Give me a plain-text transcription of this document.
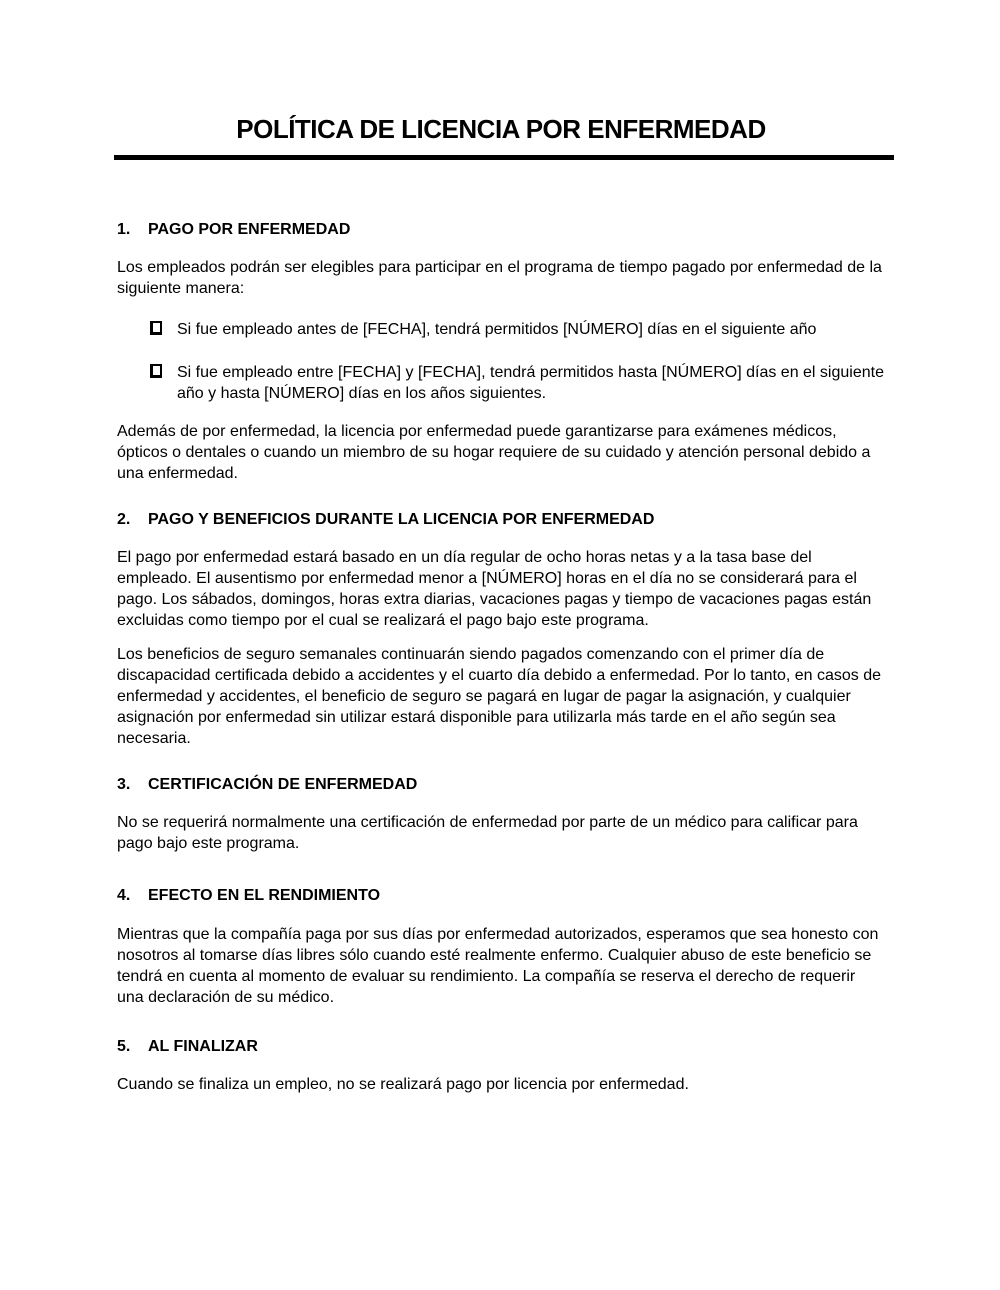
POLÍTICA DE LICENCIA POR ENFERMEDAD
1. PAGO POR ENFERMEDAD

Los empleados podrán ser elegibles para participar en el programa de tiempo pagado por enfermedad de la siguiente manera:

Si fue empleado antes de [FECHA], tendrá permitidos [NÚMERO] días en el siguiente año
Si fue empleado entre [FECHA] y [FECHA], tendrá permitidos hasta [NÚMERO] días en el siguiente año y hasta [NÚMERO] días en los años siguientes.

Además de por enfermedad, la licencia por enfermedad puede garantizarse para exámenes médicos, ópticos o dentales o cuando un miembro de su hogar requiere de su cuidado y atención personal debido a una enfermedad.

2. PAGO Y BENEFICIOS DURANTE LA LICENCIA POR ENFERMEDAD

El pago por enfermedad estará basado en un día regular de ocho horas netas y a la tasa base del empleado. El ausentismo por enfermedad menor a [NÚMERO] horas en el día no se considerará para el pago. Los sábados, domingos, horas extra diarias, vacaciones pagas y tiempo de vacaciones pagas están excluidas como tiempo por el cual se realizará el pago bajo este programa.

Los beneficios de seguro semanales continuarán siendo pagados comenzando con el primer día de discapacidad certificada debido a accidentes y el cuarto día debido a enfermedad. Por lo tanto, en casos de enfermedad y accidentes, el beneficio de seguro se pagará en lugar de pagar la asignación, y cualquier asignación por enfermedad sin utilizar estará disponible para utilizarla más tarde en el año según sea necesaria.

3. CERTIFICACIÓN DE ENFERMEDAD

No se requerirá normalmente una certificación de enfermedad por parte de un médico para calificar para pago bajo este programa.

4. EFECTO EN EL RENDIMIENTO

Mientras que la compañía paga por sus días por enfermedad autorizados, esperamos que sea honesto con nosotros al tomarse días libres sólo cuando esté realmente enfermo. Cualquier abuso de este beneficio se tendrá en cuenta al momento de evaluar su rendimiento. La compañía se reserva el derecho de requerir una declaración de su médico.

5. AL FINALIZAR

Cuando se finaliza un empleo, no se realizará pago por licencia por enfermedad.
